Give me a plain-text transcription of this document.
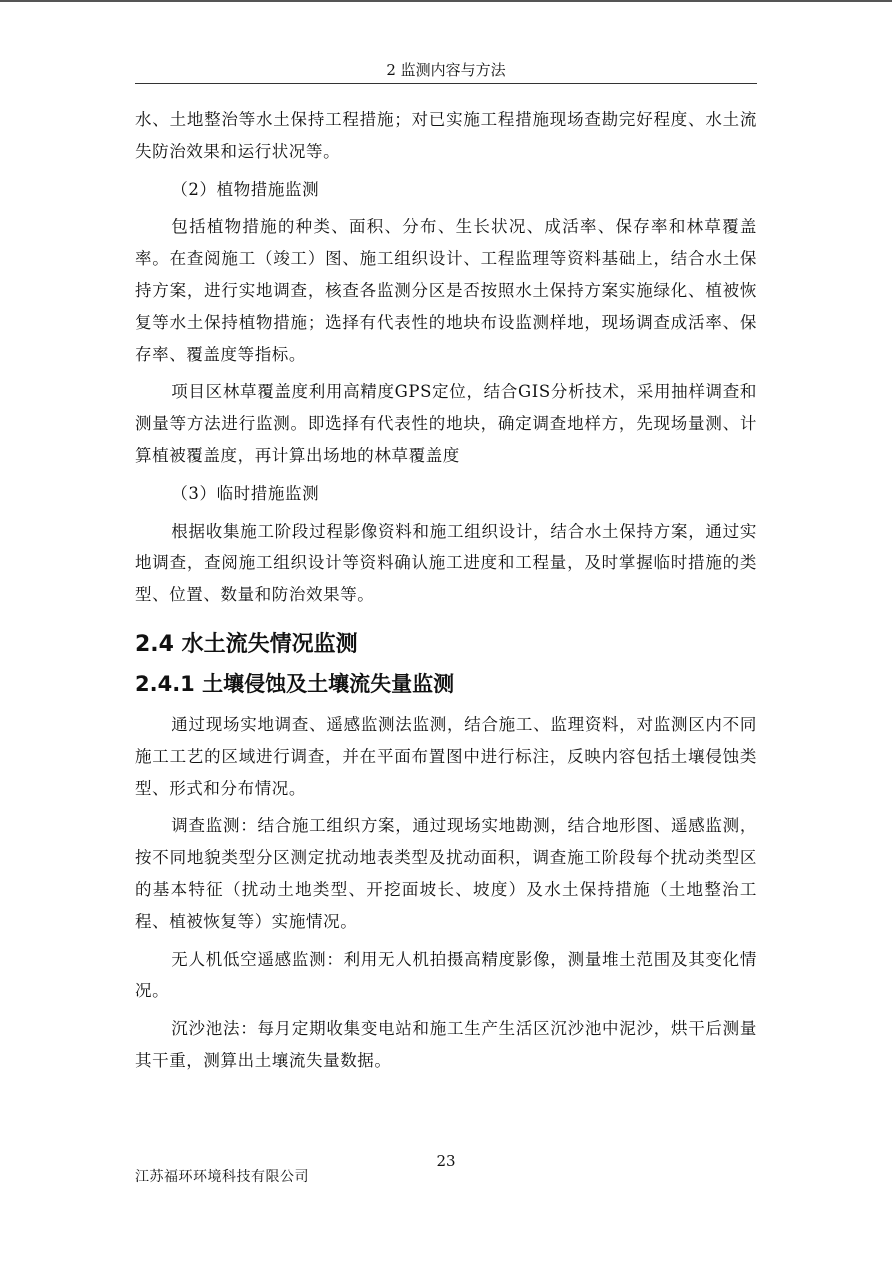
2 监测内容与方法

水、土地整治等水土保持工程措施；对已实施工程措施现场查勘完好程度、水土流失防治效果和运行状况等。

（2）植物措施监测

包括植物措施的种类、面积、分布、生长状况、成活率、保存率和林草覆盖率。在查阅施工（竣工）图、施工组织设计、工程监理等资料基础上，结合水土保持方案，进行实地调查，核查各监测分区是否按照水土保持方案实施绿化、植被恢复等水土保持植物措施；选择有代表性的地块布设监测样地，现场调查成活率、保存率、覆盖度等指标。

项目区林草覆盖度利用高精度GPS定位，结合GIS分析技术，采用抽样调查和测量等方法进行监测。即选择有代表性的地块，确定调查地样方，先现场量测、计算植被覆盖度，再计算出场地的林草覆盖度

（3）临时措施监测

根据收集施工阶段过程影像资料和施工组织设计，结合水土保持方案，通过实地调查，查阅施工组织设计等资料确认施工进度和工程量，及时掌握临时措施的类型、位置、数量和防治效果等。

2.4 水土流失情况监测
2.4.1 土壤侵蚀及土壤流失量监测

通过现场实地调查、遥感监测法监测，结合施工、监理资料，对监测区内不同施工工艺的区域进行调查，并在平面布置图中进行标注，反映内容包括土壤侵蚀类型、形式和分布情况。

调查监测：结合施工组织方案，通过现场实地勘测，结合地形图、遥感监测，按不同地貌类型分区测定扰动地表类型及扰动面积，调查施工阶段每个扰动类型区的基本特征（扰动土地类型、开挖面坡长、坡度）及水土保持措施（土地整治工程、植被恢复等）实施情况。

无人机低空遥感监测：利用无人机拍摄高精度影像，测量堆土范围及其变化情况。

沉沙池法：每月定期收集变电站和施工生产生活区沉沙池中泥沙，烘干后测量其干重，测算出土壤流失量数据。

23
江苏福环环境科技有限公司
